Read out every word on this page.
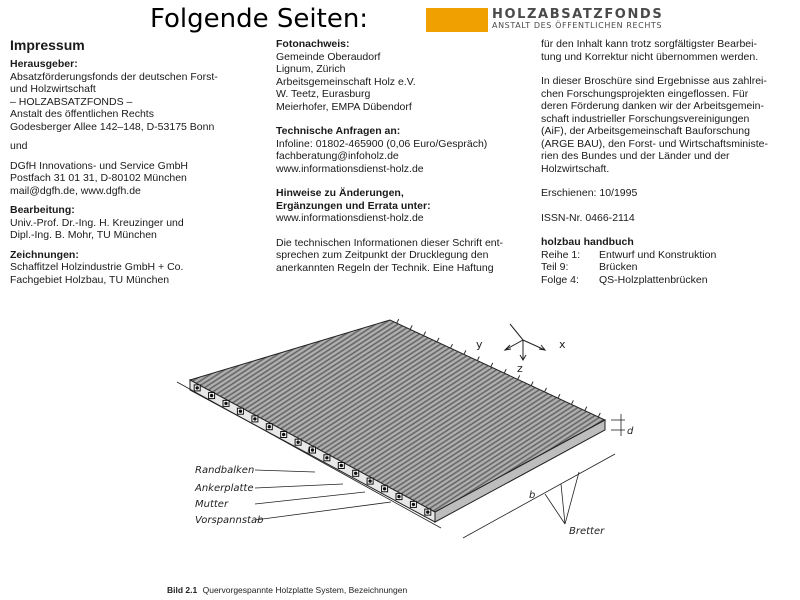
Folgende Seiten:	HOLZABSATZFONDS
ANSTALT DES ÖFFENTLICHEN RECHTS
Impressum
Herausgeber:
Absatzförderungsfonds der deutschen Forst-
und Holzwirtschaft
– HOLZABSATZFONDS –
Anstalt des öffentlichen Rechts
Godesberger Allee 142–148, D-53175 Bonn
und
DGfH Innovations- und Service GmbH
Postfach 31 01 31, D-80102 München
mail@dgfh.de, www.dgfh.de
Bearbeitung:
Univ.-Prof. Dr.-Ing. H. Kreuzinger und
Dipl.-Ing. B. Mohr, TU München
Zeichnungen:
Schaffitzel Holzindustrie GmbH + Co.
Fachgebiet Holzbau, TU München
Fotonachweis:
Gemeinde Oberaudorf
Lignum, Zürich
Arbeitsgemeinschaft Holz e.V.
W. Teetz, Eurasburg
Meierhofer, EMPA Dübendorf
Technische Anfragen an:
Infoline: 01802-465900 (0,06 Euro/Gespräch)
fachberatung@infoholz.de
www.informationsdienst-holz.de
Hinweise zu Änderungen,
Ergänzungen und Errata unter:
www.informationsdienst-holz.de
Die technischen Informationen dieser Schrift ent-
sprechen zum Zeitpunkt der Drucklegung den
anerkannten Regeln der Technik. Eine Haftung
für den Inhalt kann trotz sorgfältigster Bearbei-
tung und Korrektur nicht übernommen werden.
In dieser Broschüre sind Ergebnisse aus zahlrei-
chen Forschungsprojekten eingeflossen. Für
deren Förderung danken wir der Arbeitsgemein-
schaft industrieller Forschungsvereinigungen
(AiF), der Arbeitsgemeinschaft Bauforschung
(ARGE BAU), den Forst- und Wirtschaftsministe-
rien des Bundes und der Länder und der
Holzwirtschaft.
Erschienen: 10/1995
ISSN-Nr. 0466-2114
holzbau handbuch
Reihe 1:	Entwurf und Konstruktion
Teil 9:	Brücken
Folge 4:	QS-Holzplattenbrücken
y	x
z
l
b
d
Randbalken
Ankerplatte
Mutter
Vorspannstab
Bretter
Bild 2.1 Quervorgespannte Holzplatte System, Bezeichnungen
